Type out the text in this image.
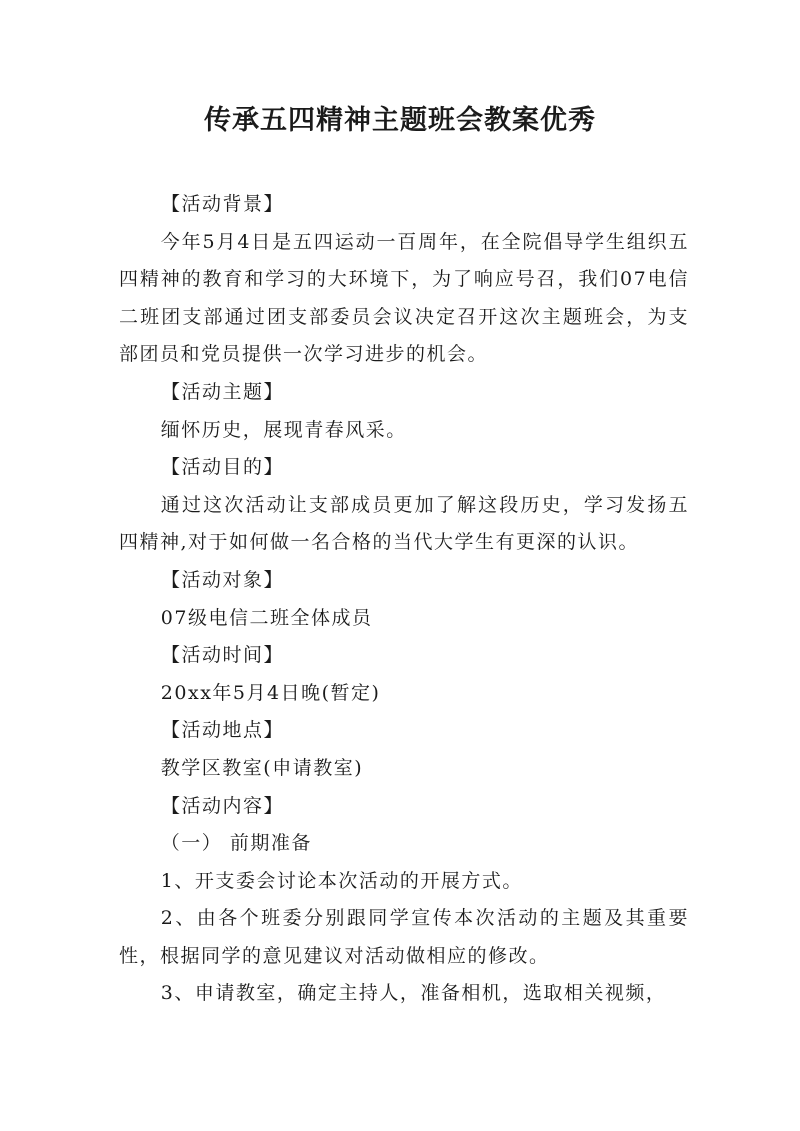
传承五四精神主题班会教案优秀

【活动背景】

今年5月4日是五四运动一百周年，在全院倡导学生组织五四精神的教育和学习的大环境下，为了响应号召，我们07电信二班团支部通过团支部委员会议决定召开这次主题班会，为支部团员和党员提供一次学习进步的机会。

【活动主题】

缅怀历史，展现青春风采。

【活动目的】

通过这次活动让支部成员更加了解这段历史，学习发扬五四精神,对于如何做一名合格的当代大学生有更深的认识。

【活动对象】

07级电信二班全体成员

【活动时间】

20xx年5月4日晚(暂定)

【活动地点】

教学区教室(申请教室)

【活动内容】

（一） 前期准备

1、开支委会讨论本次活动的开展方式。

2、由各个班委分别跟同学宣传本次活动的主题及其重要性，根据同学的意见建议对活动做相应的修改。

3、申请教室，确定主持人，准备相机，选取相关视频，
